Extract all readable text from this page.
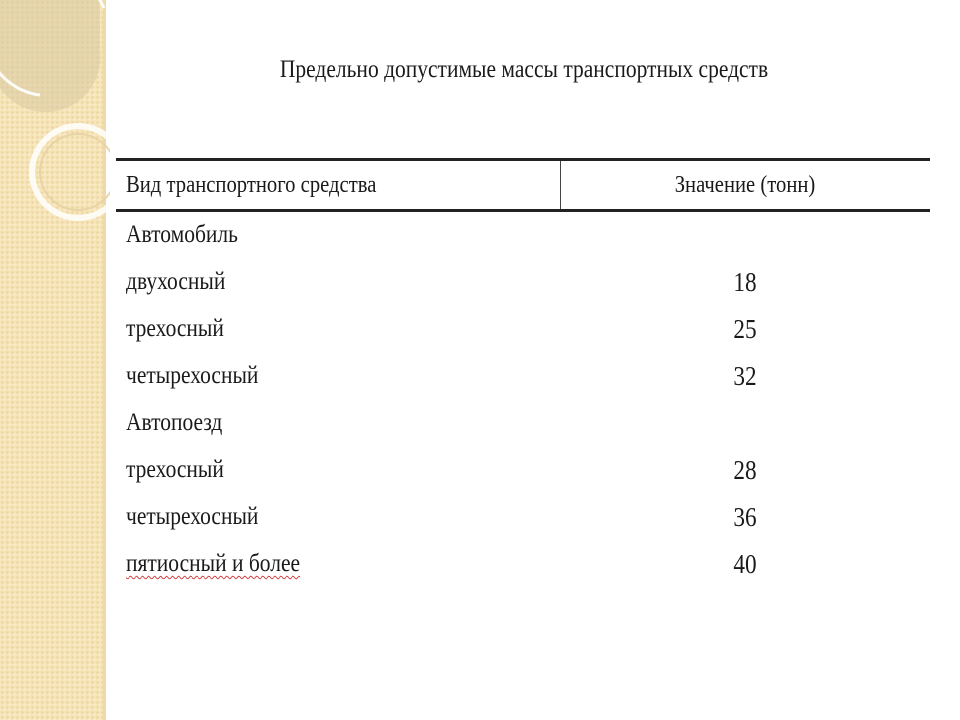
Предельно допустимые массы транспортных средств
Вид транспортного средства	Значение (тонн)
Автомобиль
двухосный	18
трехосный	25
четырехосный	32
Автопоезд
трехосный	28
четырехосный	36
пятиосный и более	40
